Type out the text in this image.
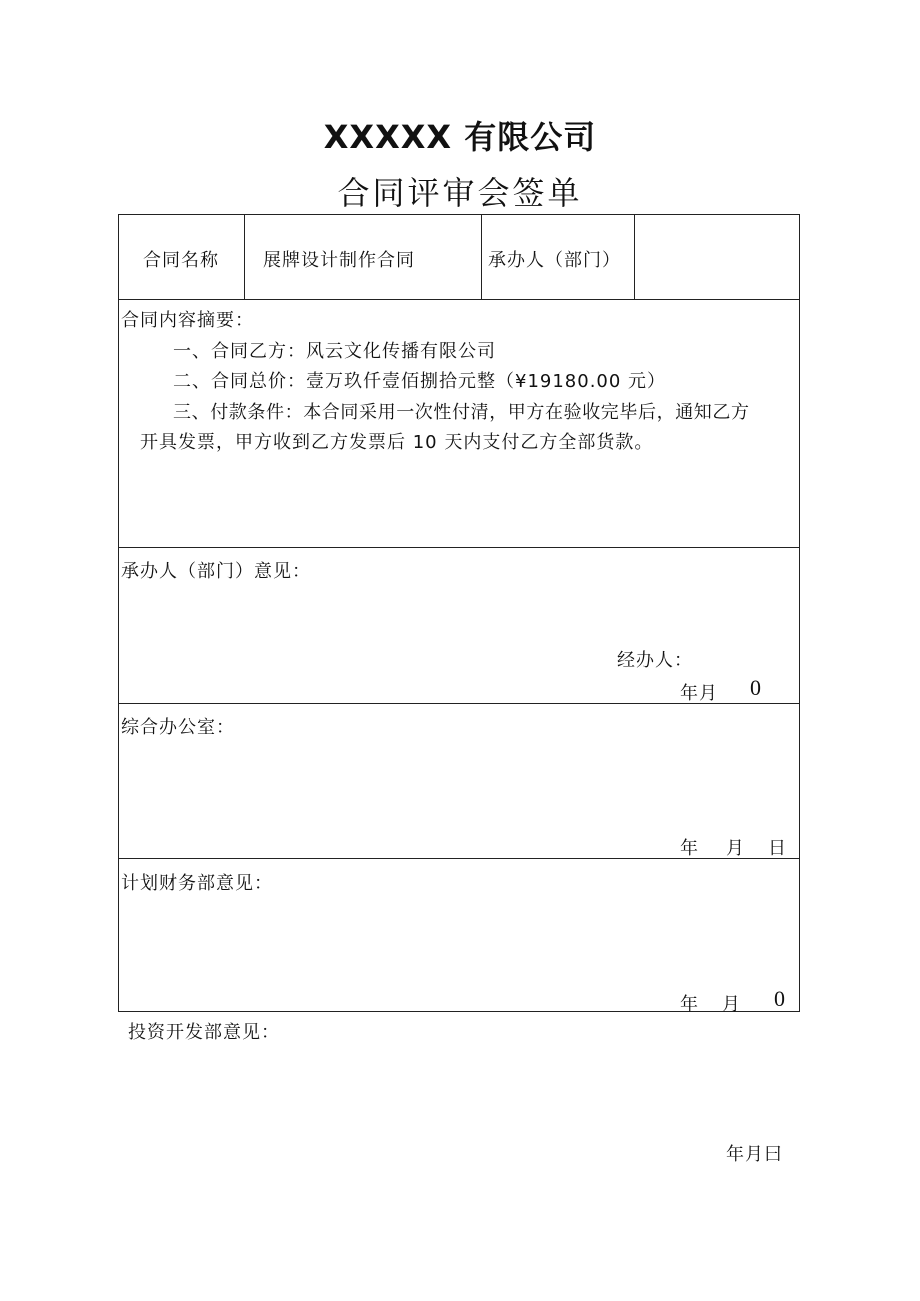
XXXXX 有限公司
合同评审会签单
合同名称 展牌设计制作合同	承办人（部门）
合同内容摘要：
一、合同乙方：风云文化传播有限公司
二、合同总价：壹万玖仟壹佰捌拾元整（¥19180.00 元）
三、付款条件：本合同采用一次性付清，甲方在验收完毕后，通知乙方
开具发票，甲方收到乙方发票后 10 天内支付乙方全部货款。
承办人（部门）意见：
经办人：
年月 0
综合办公室：
年 月 日
计划财务部意见：
年 月 0
投资开发部意见：
年月曰
